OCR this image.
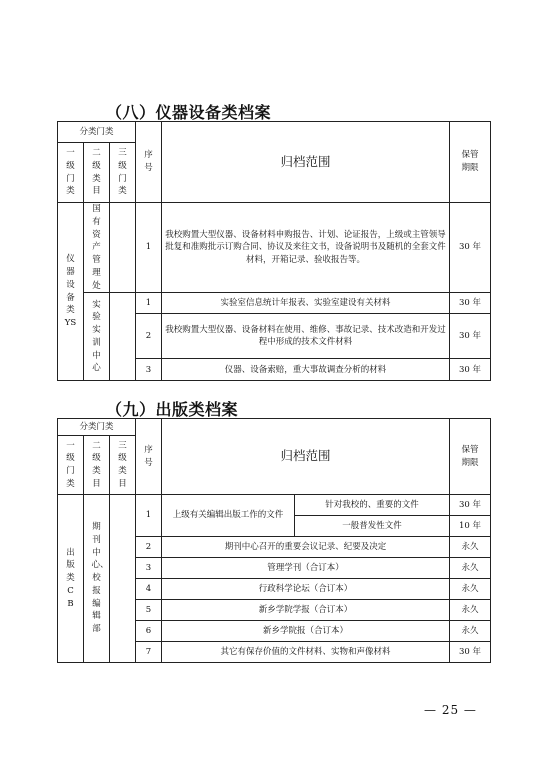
（八）仪器设备类档案
分类门类			序号	归档范围	保管期限
一级门类	二级类目	三级门类			
仪器设备类YS	国有资产管理处		1	我校购置大型仪器、设备材料申购报告、计划、论证报告，上级或主管领导批复和准购批示订购合同、协议及来往文书，设备说明书及随机的全套文件材料，开箱记录、验收报告等。	30 年
	实验实训中心		1	实验室信息统计年报表、实验室建设有关材料	30 年
			2	我校购置大型仪器、设备材料在使用、维修、事故记录、技术改造和开发过程中形成的技术文件材料	30 年
			3	仪器、设备索赔，重大事故调查分析的材料	30 年
（九）出版类档案
分类门类			序号	归档范围		保管期限
一级门类	二级类目	三级类目				
出版类CB	期刊中心、校报编辑部		1	上级有关编辑出版工作的文件	针对我校的、重要的文件	30 年
					一般普发性文件	10 年
			2	期刊中心召开的重要会议记录、纪要及决定		永久
			3	管理学刊（合订本）		永久
			4	行政科学论坛（合订本）		永久
			5	新乡学院学报（合订本）		永久
			6	新乡学院报（合订本）		永久
			7	其它有保存价值的文件材料、实物和声像材料		30 年
— 25 —
